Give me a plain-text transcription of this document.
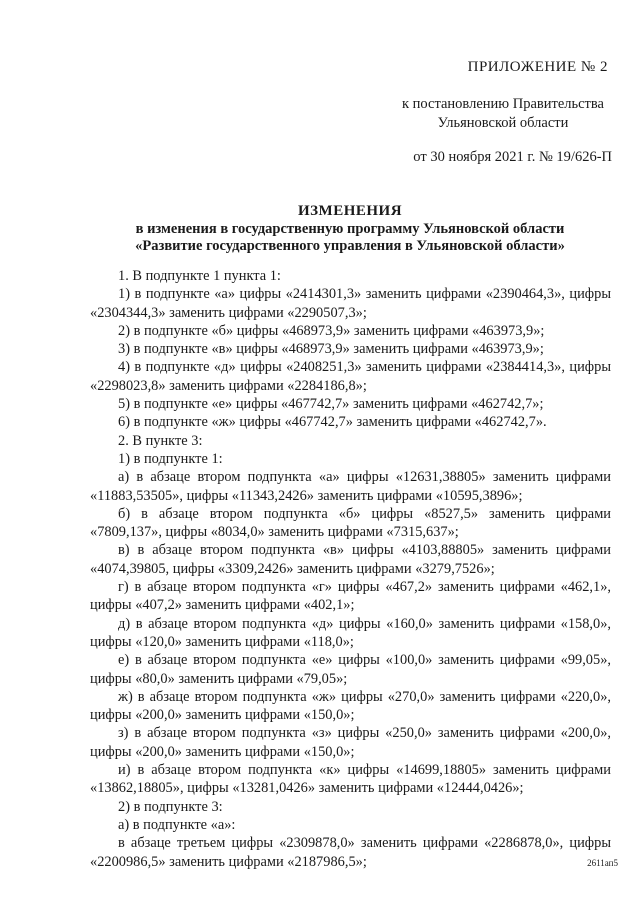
ПРИЛОЖЕНИЕ № 2
к постановлению Правительства
Ульяновской области
от 30 ноября 2021 г. № 19/626-П
ИЗМЕНЕНИЯ
в изменения в государственную программу Ульяновской области
«Развитие государственного управления в Ульяновской области»

1. В подпункте 1 пункта 1:

1) в подпункте «а» цифры «2414301,3» заменить цифрами «2390464,3», цифры «2304344,3» заменить цифрами «2290507,3»;

2) в подпункте «б» цифры «468973,9» заменить цифрами «463973,9»;

3) в подпункте «в» цифры «468973,9» заменить цифрами «463973,9»;

4) в подпункте «д» цифры «2408251,3» заменить цифрами «2384414,3», цифры «2298023,8» заменить цифрами «2284186,8»;

5) в подпункте «е» цифры «467742,7» заменить цифрами «462742,7»;

6) в подпункте «ж» цифры «467742,7» заменить цифрами «462742,7».

2. В пункте 3:

1) в подпункте 1:

а) в абзаце втором подпункта «а» цифры «12631,38805» заменить цифрами «11883,53505», цифры «11343,2426» заменить цифрами «10595,3896»;

б) в абзаце втором подпункта «б» цифры «8527,5» заменить цифрами «7809,137», цифры «8034,0» заменить цифрами «7315,637»;

в) в абзаце втором подпункта «в» цифры «4103,88805» заменить цифрами «4074,39805, цифры «3309,2426» заменить цифрами «3279,7526»;

г) в абзаце втором подпункта «г» цифры «467,2» заменить цифрами «462,1», цифры «407,2» заменить цифрами «402,1»;

д) в абзаце втором подпункта «д» цифры «160,0» заменить цифрами «158,0», цифры «120,0» заменить цифрами «118,0»;

е) в абзаце втором подпункта «е» цифры «100,0» заменить цифрами «99,05», цифры «80,0» заменить цифрами «79,05»;

ж) в абзаце втором подпункта «ж» цифры «270,0» заменить цифрами «220,0», цифры «200,0» заменить цифрами «150,0»;

з) в абзаце втором подпункта «з» цифры «250,0» заменить цифрами «200,0», цифры «200,0» заменить цифрами «150,0»;

и) в абзаце втором подпункта «к» цифры «14699,18805» заменить цифрами «13862,18805», цифры «13281,0426» заменить цифрами «12444,0426»;

2) в подпункте 3:

а) в подпункте «а»:

в абзаце третьем цифры «2309878,0» заменить цифрами «2286878,0», цифры «2200986,5» заменить цифрами «2187986,5»;	2611ап5
